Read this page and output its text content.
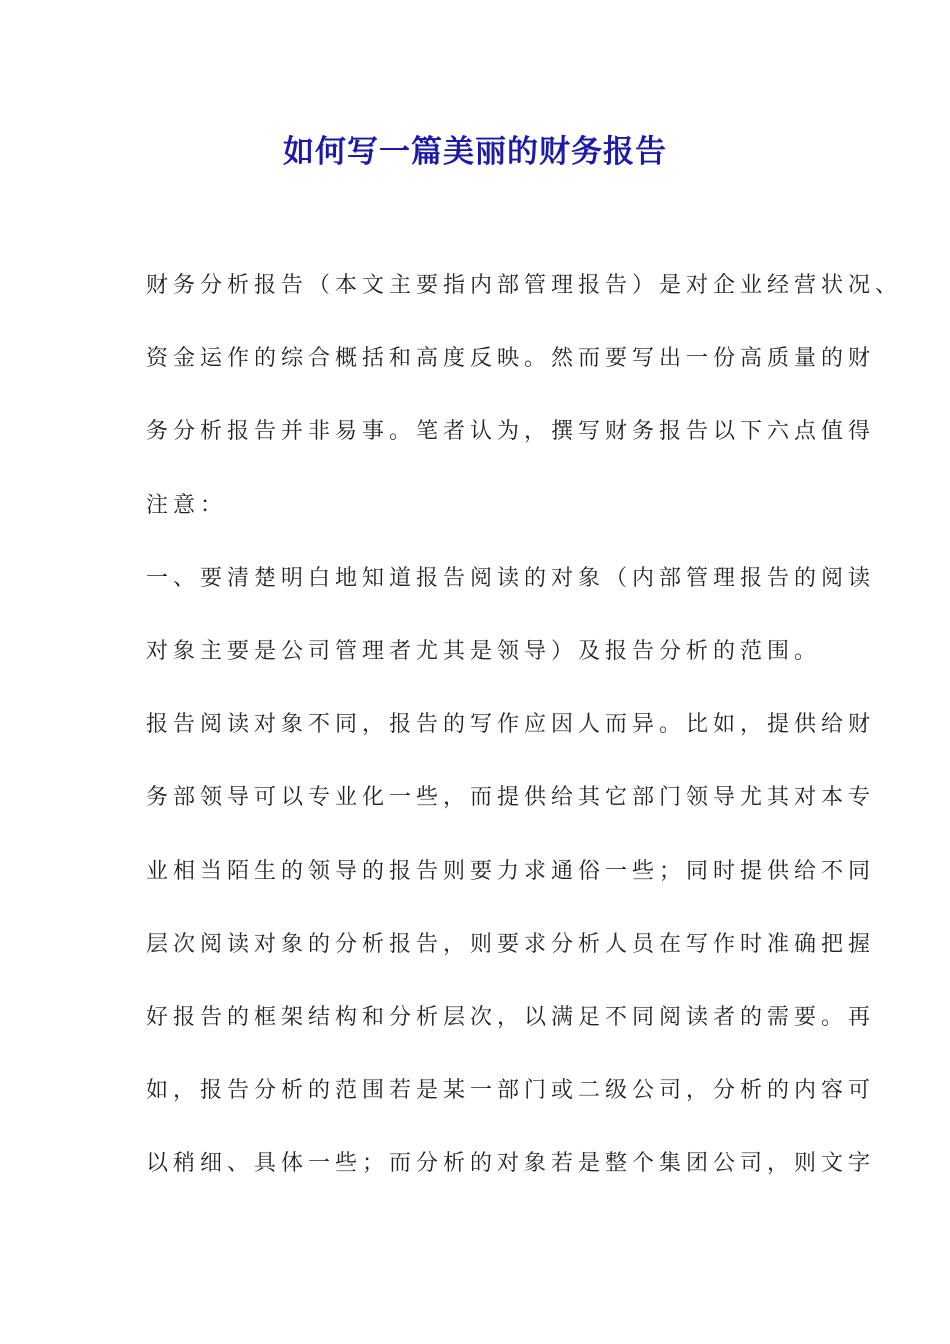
如何写一篇美丽的财务报告
财务分析报告（本文主要指内部管理报告）是对企业经营状况、
资金运作的综合概括和高度反映。然而要写出一份高质量的财
务分析报告并非易事。笔者认为，撰写财务报告以下六点值得
注意：
一、要清楚明白地知道报告阅读的对象（内部管理报告的阅读
对象主要是公司管理者尤其是领导）及报告分析的范围。
报告阅读对象不同，报告的写作应因人而异。比如，提供给财
务部领导可以专业化一些，而提供给其它部门领导尤其对本专
业相当陌生的领导的报告则要力求通俗一些；同时提供给不同
层次阅读对象的分析报告，则要求分析人员在写作时准确把握
好报告的框架结构和分析层次，以满足不同阅读者的需要。再
如，报告分析的范围若是某一部门或二级公司，分析的内容可
以稍细、具体一些；而分析的对象若是整个集团公司，则文字
